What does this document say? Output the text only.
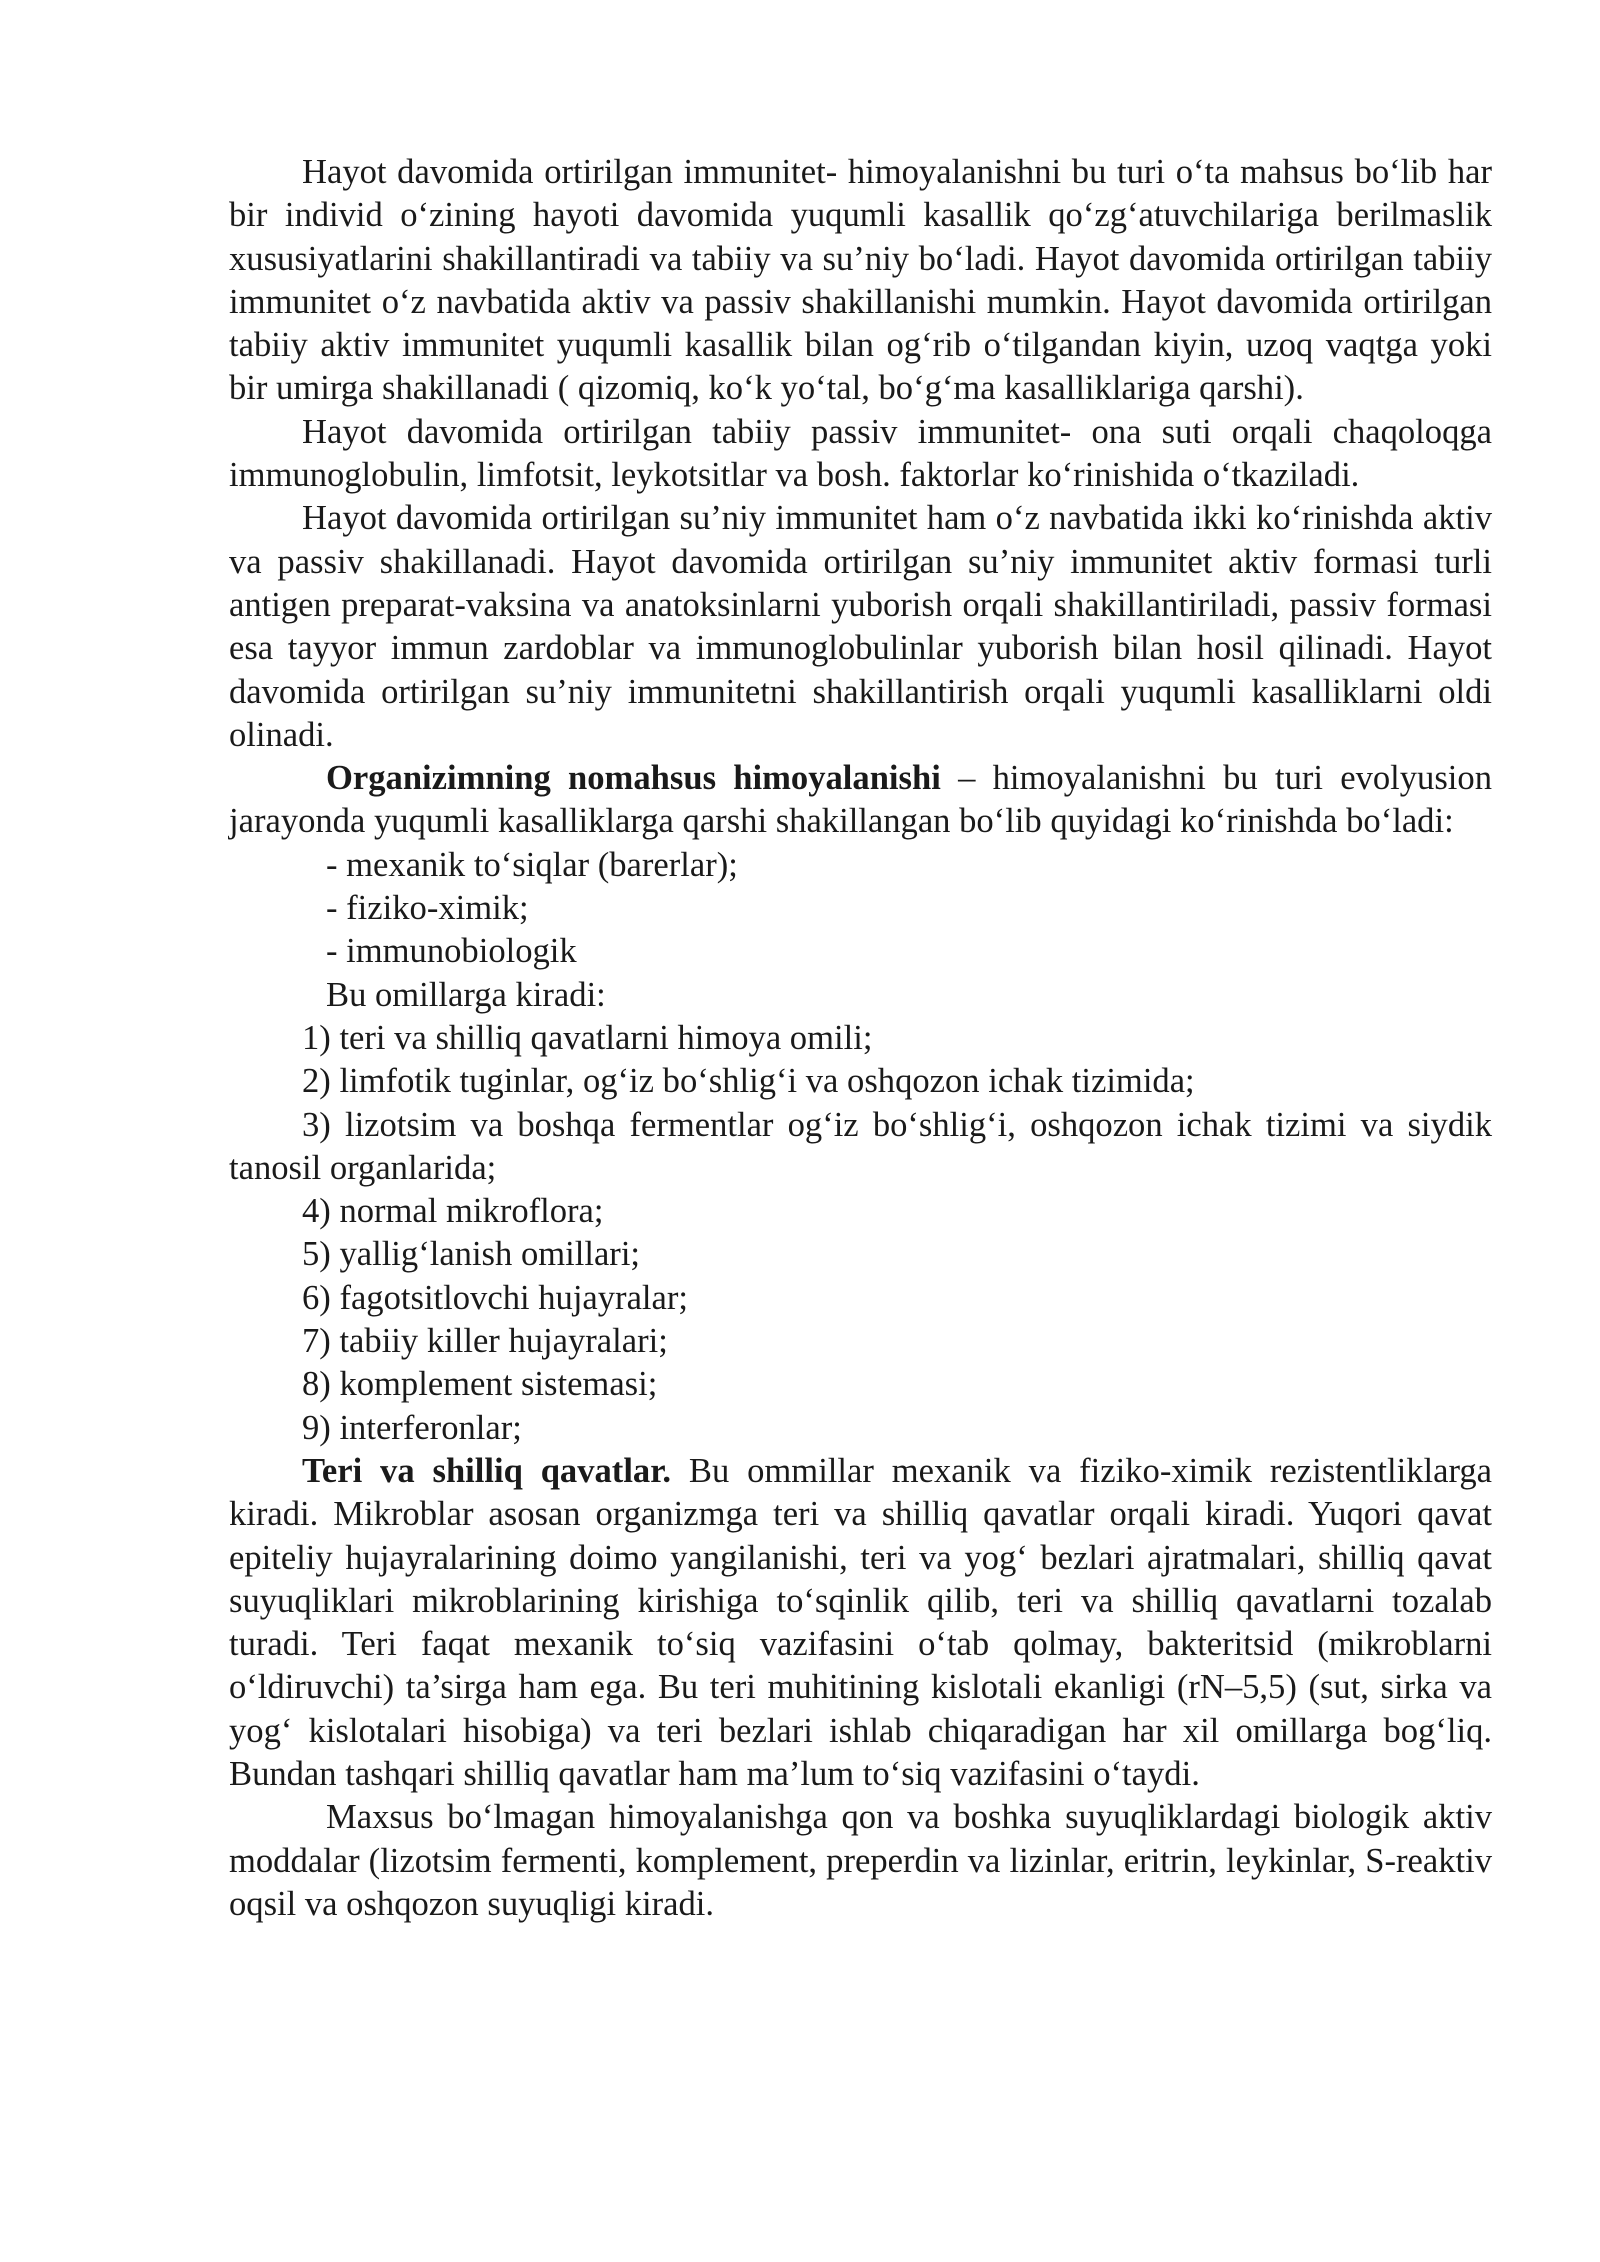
Hayot davomida ortirilgan immunitet- himoyalanishni bu turi o‘ta mahsus bo‘lib har bir individ o‘zining hayoti davomida yuqumli kasallik qo‘zg‘atuvchilariga berilmaslik xususiyatlarini shakillantiradi va tabiiy va su’niy bo‘ladi. Hayot davomida ortirilgan tabiiy immunitet o‘z navbatida aktiv va passiv shakillanishi mumkin. Hayot davomida ortirilgan tabiiy aktiv immunitet yuqumli kasallik bilan og‘rib o‘tilgandan kiyin, uzoq vaqtga yoki bir umirga shakillanadi ( qizomiq, ko‘k yo‘tal, bo‘g‘ma kasalliklariga qarshi).

Hayot davomida ortirilgan tabiiy passiv immunitet- ona suti orqali chaqoloqga immunoglobulin, limfotsit, leykotsitlar va bosh. faktorlar ko‘rinishida o‘tkaziladi.

Hayot davomida ortirilgan su’niy immunitet ham o‘z navbatida ikki ko‘rinishda aktiv va passiv shakillanadi. Hayot davomida ortirilgan su’niy immunitet aktiv formasi turli antigen preparat-vaksina va anatoksinlarni yuborish orqali shakillantiriladi, passiv formasi esa tayyor immun zardoblar va immunoglobulinlar yuborish bilan hosil qilinadi. Hayot davomida ortirilgan su’niy immunitetni shakillantirish orqali yuqumli kasalliklarni oldi olinadi.

Organizimning nomahsus himoyalanishi – himoyalanishni bu turi evolyusion jarayonda yuqumli kasalliklarga qarshi shakillangan bo‘lib quyidagi ko‘rinishda bo‘ladi:

- mexanik to‘siqlar (barerlar);
- fiziko-ximik;
- immunobiologik
Bu omillarga kiradi:
1) teri va shilliq qavatlarni himoya omili;
2) limfotik tuginlar, og‘iz bo‘shlig‘i va oshqozon ichak tizimida;
3) lizotsim va boshqa fermentlar og‘iz bo‘shlig‘i, oshqozon ichak tizimi va siydik tanosil organlarida;
4) normal mikroflora;
5) yallig‘lanish omillari;
6) fagotsitlovchi hujayralar;
7) tabiiy killer hujayralari;
8) komplement sistemasi;
9) interferonlar;

Teri va shilliq qavatlar. Bu ommillar mexanik va fiziko-ximik rezistentliklarga kiradi. Mikroblar asosan organizmga teri va shilliq qavatlar orqali kiradi. Yuqori qavat epiteliy hujayralarining doimo yangilanishi, teri va yog‘ bezlari ajratmalari, shilliq qavat suyuqliklari mikroblarining kirishiga to‘sqinlik qilib, teri va shilliq qavatlarni tozalab turadi. Teri faqat mexanik to‘siq vazifasini o‘tab qolmay, bakteritsid (mikroblarni o‘ldiruvchi) ta’sirga ham ega. Bu teri muhitining kislotali ekanligi (rN–5,5) (sut, sirka va yog‘ kislotalari hisobiga) va teri bezlari ishlab chiqaradigan har xil omillarga bog‘liq. Bundan tashqari shilliq qavatlar ham ma’lum to‘siq vazifasini o‘taydi.

Maxsus bo‘lmagan himoyalanishga qon va boshka suyuqliklardagi biologik aktiv moddalar (lizotsim fermenti, komplement, preperdin va lizinlar, eritrin, leykinlar, S-reaktiv oqsil va oshqozon suyuqligi kiradi.
